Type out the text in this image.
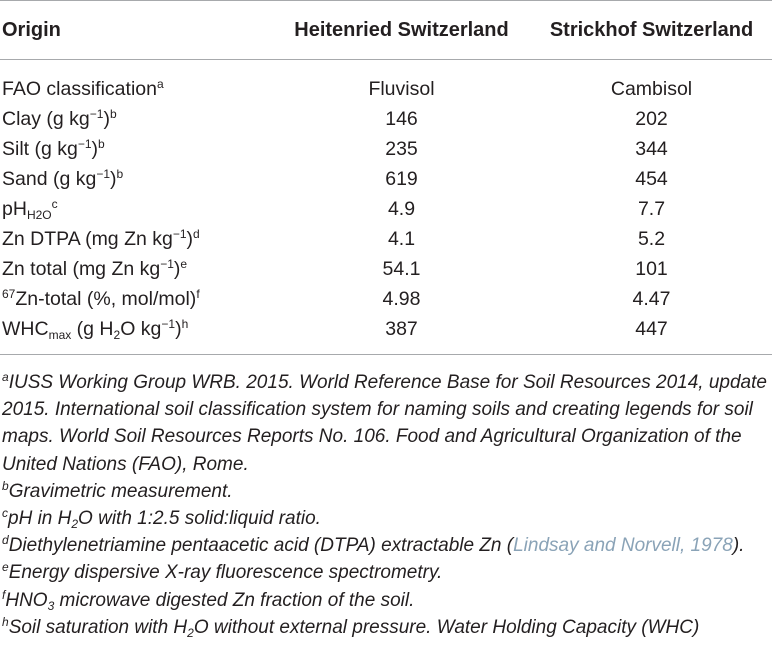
Origin	Heitenried Switzerland	Strickhof Switzerland
FAO classification$^a$	Fluvisol	Cambisol
Clay (g $kg^{-1})^b$	146	202
Silt (g $kg^{-1})^b$	235	344
Sand (g $kg^{-1})^b$	619	454
$pH_{H2O}^c$	4.9	7.7
Zn DTPA (mg Zn $kg^{-1})^d$	4.1	5.2
Zn total (mg Zn $kg^{-1})^e$	54.1	101
$^{67}$Zn-total (%, mol/mol)$^f$	4.98	4.47
$WHC_{max}$ (g $H_2O$ $kg^{-1})^h$	387	447

$^a$IUSS Working Group WRB. 2015. World Reference Base for Soil Resources 2014, update 2015. International soil classification system for naming soils and creating legends for soil maps. World Soil Resources Reports No. 106. Food and Agricultural Organization of the United Nations (FAO), Rome.

$^b$Gravimetric measurement.

$^c$pH in $H_2O$ with 1:2.5 solid:liquid ratio.

$^d$Diethylenetriamine pentaacetic acid (DTPA) extractable Zn (Lindsay and Norvell, 1978).

$^e$Energy dispersive X-ray fluorescence spectrometry.

$^fHNO_3$ microwave digested Zn fraction of the soil.

$^h$Soil saturation with $H_2O$ without external pressure. Water Holding Capacity (WHC)
